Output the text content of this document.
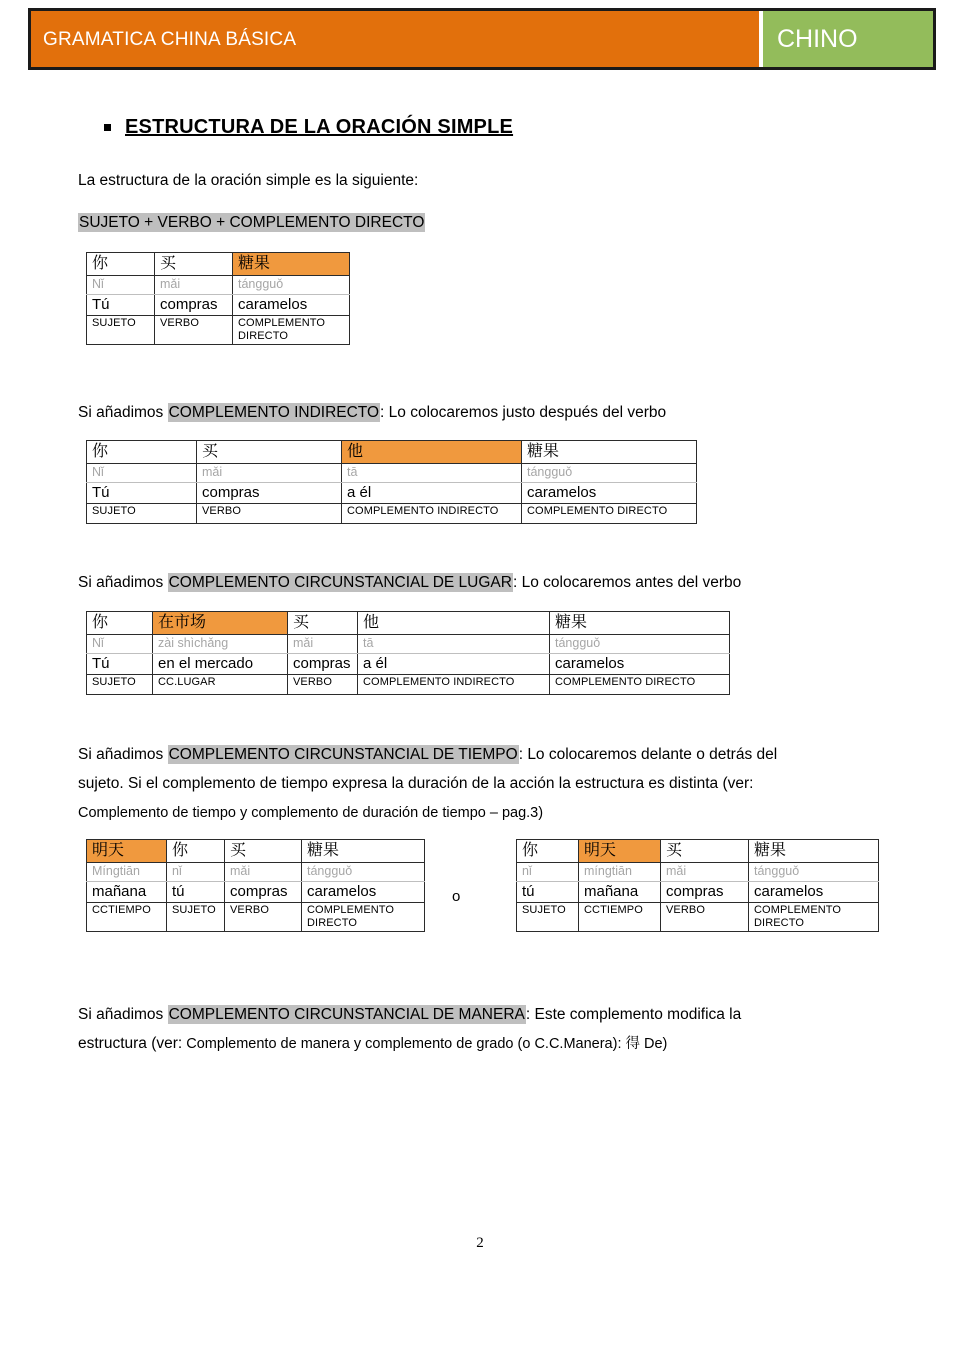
GRAMATICA CHINA BÁSICA	CHINO
ESTRUCTURA DE LA ORACIÓN SIMPLE
La estructura de la oración simple es la siguiente:
SUJETO + VERBO + COMPLEMENTO DIRECTO
你	买	糖果
Nǐ	mǎi	tángguǒ
Tú	compras	caramelos
SUJETO	VERBO	COMPLEMENTO DIRECTO
Si añadimos COMPLEMENTO INDIRECTO: Lo colocaremos justo después del verbo
你	买	他	糖果
Nǐ	mǎi	tā	tángguǒ
Tú	compras	a él	caramelos
SUJETO	VERBO	COMPLEMENTO INDIRECTO	COMPLEMENTO DIRECTO
Si añadimos COMPLEMENTO CIRCUNSTANCIAL DE LUGAR: Lo colocaremos antes del verbo
你	在市场	买	他	糖果
Nǐ	zài shìchǎng	mǎi	tā	tángguǒ
Tú	en el mercado	compras	a él	caramelos
SUJETO	CC.LUGAR	VERBO	COMPLEMENTO INDIRECTO	COMPLEMENTO DIRECTO
Si añadimos COMPLEMENTO CIRCUNSTANCIAL DE TIEMPO: Lo colocaremos delante o detrás del
sujeto. Si el complemento de tiempo expresa la duración de la acción la estructura es distinta (ver:
Complemento de tiempo y complemento de duración de tiempo – pag.3)
明天	你	买	糖果
Míngtiān	nǐ	mǎi	tángguǒ
mañana	tú	compras	caramelos
CCTIEMPO	SUJETO	VERBO	COMPLEMENTO DIRECTO
o
你	明天	买	糖果
nǐ	míngtiān	mǎi	tángguǒ
tú	mañana	compras	caramelos
SUJETO	CCTIEMPO	VERBO	COMPLEMENTO DIRECTO
Si añadimos COMPLEMENTO CIRCUNSTANCIAL DE MANERA: Este complemento modifica la
estructura (ver: Complemento de manera y complemento de grado (o C.C.Manera): 得 De)
2
